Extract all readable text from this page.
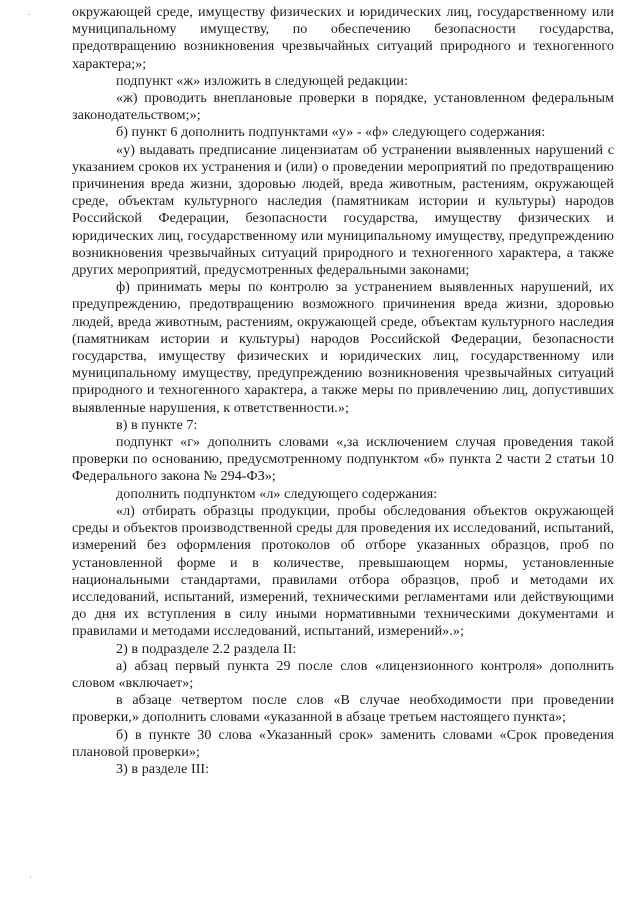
окружающей среде, имуществу физических и юридических лиц, государственному или муниципальному имуществу, по обеспечению безопасности государства, предотвращению возникновения чрезвычайных ситуаций природного и техногенного характера;»;

подпункт «ж» изложить в следующей редакции:

«ж) проводить внеплановые проверки в порядке, установленном федеральным законодательством;»;

б) пункт 6 дополнить подпунктами «у» - «ф» следующего содержания:

«у) выдавать предписание лицензиатам об устранении выявленных нарушений с указанием сроков их устранения и (или) о проведении мероприятий по предотвращению причинения вреда жизни, здоровью людей, вреда животным, растениям, окружающей среде, объектам культурного наследия (памятникам истории и культуры) народов Российской Федерации, безопасности государства, имуществу физических и юридических лиц, государственному или муниципальному имуществу, предупреждению возникновения чрезвычайных ситуаций природного и техногенного характера, а также других мероприятий, предусмотренных федеральными законами;

ф) принимать меры по контролю за устранением выявленных нарушений, их предупреждению, предотвращению возможного причинения вреда жизни, здоровью людей, вреда животным, растениям, окружающей среде, объектам культурного наследия (памятникам истории и культуры) народов Российской Федерации, безопасности государства, имуществу физических и юридических лиц, государственному или муниципальному имуществу, предупреждению возникновения чрезвычайных ситуаций природного и техногенного характера, а также меры по привлечению лиц, допустивших выявленные нарушения, к ответственности.»;

в) в пункте 7:

подпункт «г» дополнить словами «,за исключением случая проведения такой проверки по основанию, предусмотренному подпунктом «б» пункта 2 части 2 статьи 10 Федерального закона № 294-ФЗ»;

дополнить подпунктом «л» следующего содержания:

«л) отбирать образцы продукции, пробы обследования объектов окружающей среды и объектов производственной среды для проведения их исследований, испытаний, измерений без оформления протоколов об отборе указанных образцов, проб по установленной форме и в количестве, превышающем нормы, установленные национальными стандартами, правилами отбора образцов, проб и методами их исследований, испытаний, измерений, техническими регламентами или действующими до дня их вступления в силу иными нормативными техническими документами и правилами и методами исследований, испытаний, измерений».»;

2) в подразделе 2.2 раздела II:

а) абзац первый пункта 29 после слов «лицензионного контроля» дополнить словом «включает»;

в абзаце четвертом после слов «В случае необходимости при проведении проверки,» дополнить словами «указанной в абзаце третьем настоящего пункта»;

б) в пункте 30 слова «Указанный срок» заменить словами «Срок проведения плановой проверки»;

3) в разделе III:
